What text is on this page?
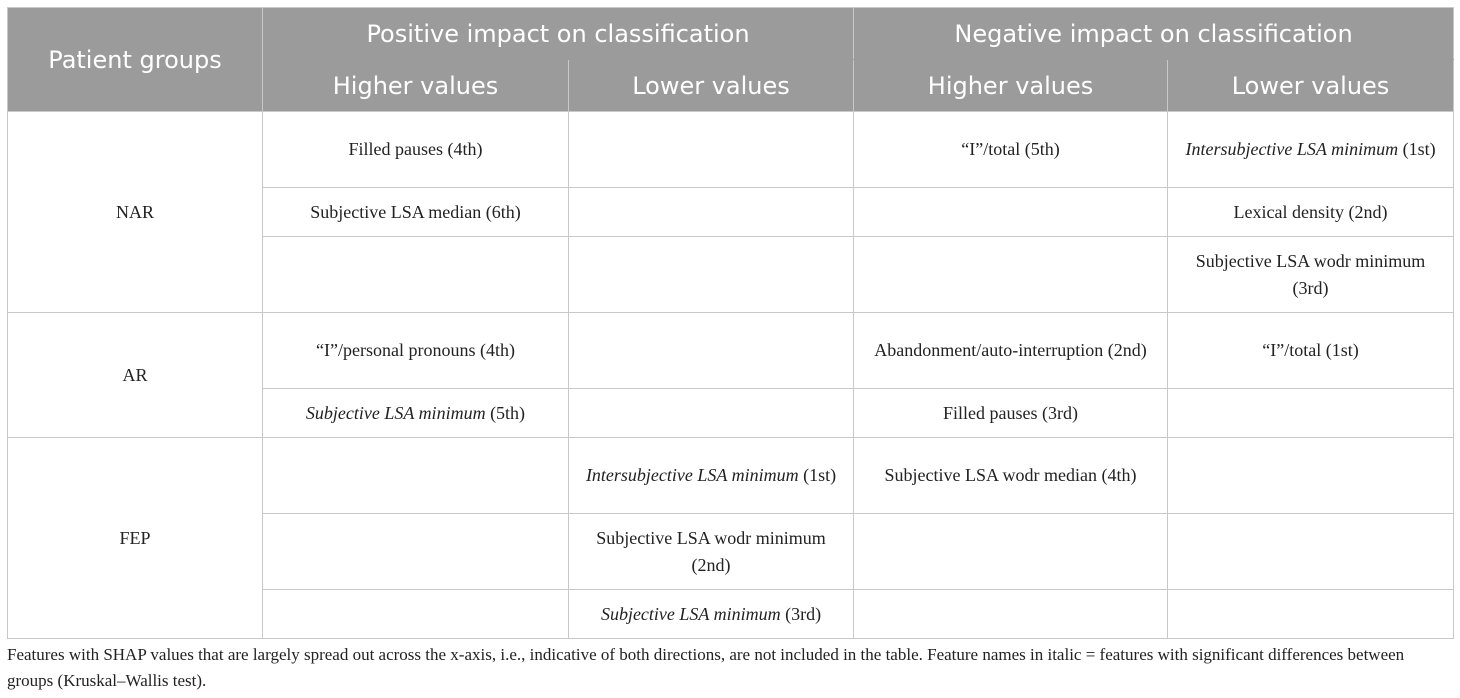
Patient groups	Positive impact on classification		Negative impact on classification	
	Higher values	Lower values	Higher values	Lower values
NAR	Filled pauses (4th)		“I”/total (5th)	Intersubjective LSA minimum (1st)
	Subjective LSA median (6th)			Lexical density (2nd)
				Subjective LSA wodr minimum (3rd)
AR	“I”/personal pronouns (4th)		Abandonment/auto-interruption (2nd)	“I”/total (1st)
	Subjective LSA minimum (5th)		Filled pauses (3rd)	
FEP		Intersubjective LSA minimum (1st)	Subjective LSA wodr median (4th)	
		Subjective LSA wodr minimum (2nd)		
		Subjective LSA minimum (3rd)		

Features with SHAP values that are largely spread out across the x-axis, i.e., indicative of both directions, are not included in the table. Feature names in italic = features with significant differences between groups (Kruskal–Wallis test).
